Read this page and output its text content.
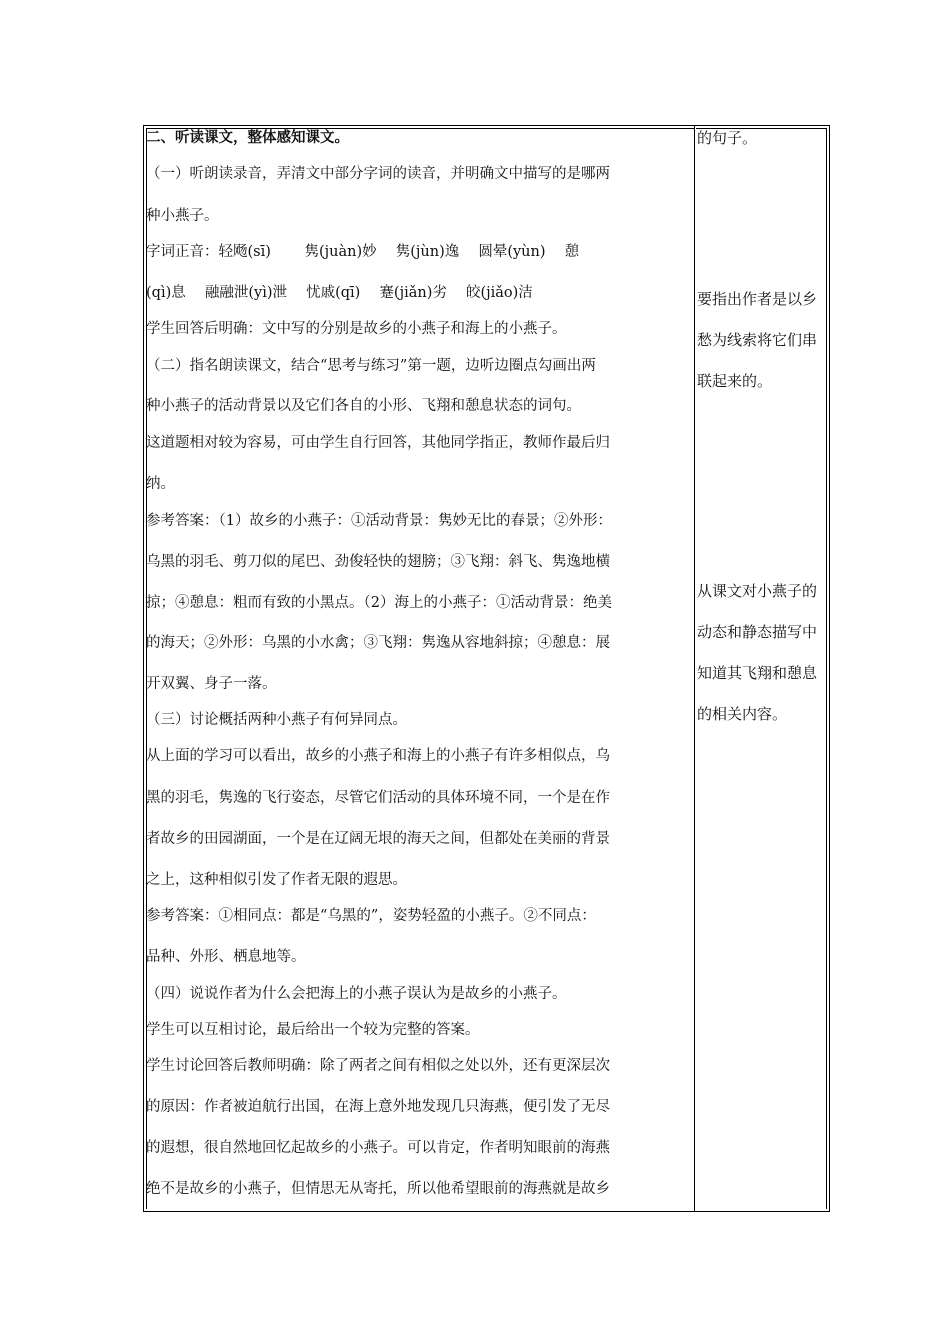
二、听读课文，整体感知课文。
（一）听朗读录音，弄清文中部分字词的读音，并明确文中描写的是哪两
种小燕子。
字词正音：轻飏(sī)　　 隽(juàn)妙　 隽(jùn)逸　 圆晕(yùn)　 憩
(qì)息　 融融泄(yì)泄　 忧戚(qī)　 蹇(jiǎn)劣　 皎(jiǎo)洁
学生回答后明确：文中写的分别是故乡的小燕子和海上的小燕子。
（二）指名朗读课文，结合“思考与练习”第一题，边听边圈点勾画出两
种小燕子的活动背景以及它们各自的小形、飞翔和憩息状态的词句。
这道题相对较为容易，可由学生自行回答，其他同学指正，教师作最后归
纳。
参考答案：（1）故乡的小燕子：①活动背景：隽妙无比的春景；②外形：
乌黑的羽毛、剪刀似的尾巴、劲俊轻快的翅膀；③飞翔：斜飞、隽逸地横
掠；④憩息：粗而有致的小黑点。（2）海上的小燕子：①活动背景：绝美
的海天；②外形：乌黑的小水禽；③飞翔：隽逸从容地斜掠；④憩息：展
开双翼、身子一落。
（三）讨论概括两种小燕子有何异同点。
从上面的学习可以看出，故乡的小燕子和海上的小燕子有许多相似点，乌
黑的羽毛，隽逸的飞行姿态，尽管它们活动的具体环境不同，一个是在作
者故乡的田园湖面，一个是在辽阔无垠的海天之间，但都处在美丽的背景
之上，这种相似引发了作者无限的遐思。
参考答案：①相同点：都是“乌黑的”，姿势轻盈的小燕子。②不同点：
品种、外形、栖息地等。
（四）说说作者为什么会把海上的小燕子误认为是故乡的小燕子。
学生可以互相讨论，最后给出一个较为完整的答案。
学生讨论回答后教师明确：除了两者之间有相似之处以外，还有更深层次
的原因：作者被迫航行出国，在海上意外地发现几只海燕，便引发了无尽
的遐想，很自然地回忆起故乡的小燕子。可以肯定，作者明知眼前的海燕
绝不是故乡的小燕子，但情思无从寄托，所以他希望眼前的海燕就是故乡
的句子。
要指出作者是以乡
愁为线索将它们串
联起来的。
从课文对小燕子的
动态和静态描写中
知道其飞翔和憩息
的相关内容。
